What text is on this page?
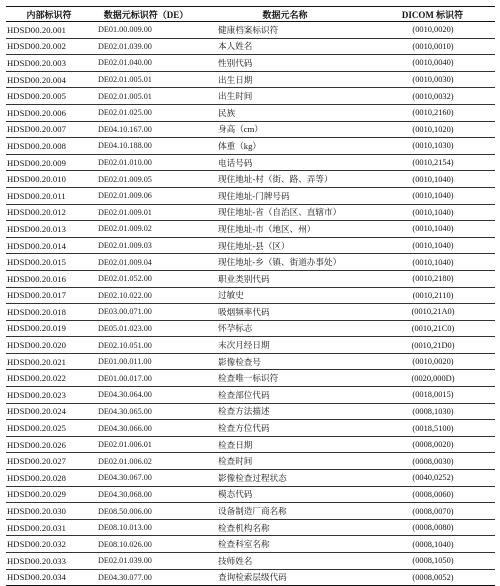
内部标识符	数据元标识符（DE）	数据元名称	DICOM 标识符
HDSD00.20.001	DE01.00.009.00	健康档案标识符	(0010,0020)
HDSD00.20.002	DE02.01.039.00	本人姓名	(0010,0010)
HDSD00.20.003	DE02.01.040.00	性别代码	(0010,0040)
HDSD00.20.004	DE02.01.005.01	出生日期	(0010,0030)
HDSD00.20.005	DE02.01.005.01	出生时间	(0010,0032)
HDSD00.20.006	DE02.01.025.00	民族	(0010,2160)
HDSD00.20.007	DE04.10.167.00	身高（cm）	(0010,1020)
HDSD00.20.008	DE04.10.188.00	体重（kg）	(0010,1030)
HDSD00.20.009	DE02.01.010.00	电话号码	(0010,2154)
HDSD00.20.010	DE02.01.009.05	现住地址-村（街、路、弄等）	(0010,1040)
HDSD00.20.011	DE02.01.009.06	现住地址-门牌号码	(0010,1040)
HDSD00.20.012	DE02.01.009.01	现住地址-省（自治区、直辖市）	(0010,1040)
HDSD00.20.013	DE02.01.009.02	现住地址-市（地区、州）	(0010,1040)
HDSD00.20.014	DE02.01.009.03	现住地址-县（区）	(0010,1040)
HDSD00.20.015	DE02.01.009.04	现住地址-乡（镇、街道办事处）	(0010,1040)
HDSD00.20.016	DE02.01.052.00	职业类别代码	(0010,2180)
HDSD00.20.017	DE02.10.022.00	过敏史	(0010,2110)
HDSD00.20.018	DE03.00.071.00	吸烟频率代码	(0010,21A0)
HDSD00.20.019	DE05.01.023.00	怀孕标志	(0010,21C0)
HDSD00.20.020	DE02.10.051.00	末次月经日期	(0010,21D0)
HDSD00.20.021	DE01.00.011.00	影像检查号	(0010,0020)
HDSD00.20.022	DE01.00.017.00	检查唯一标识符	(0020,000D)
HDSD00.20.023	DE04.30.064.00	检查部位代码	(0018,0015)
HDSD00.20.024	DE04.30.065.00	检查方法描述	(0008,1030)
HDSD00.20.025	DE04.30.066.00	检查方位代码	(0018,5100)
HDSD00.20.026	DE02.01.006.01	检查日期	(0008,0020)
HDSD00.20.027	DE02.01.006.02	检查时间	(0008,0030)
HDSD00.20.028	DE04.30.067.00	影像检查过程状态	(0040,0252)
HDSD00.20.029	DE04.30.068.00	模态代码	(0008,0060)
HDSD00.20.030	DE08.50.006.00	设备制造厂商名称	(0008,0070)
HDSD00.20.031	DE08.10.013.00	检查机构名称	(0008,0080)
HDSD00.20.032	DE08.10.026.00	检查科室名称	(0008,1040)
HDSD00.20.033	DE02.01.039.00	技师姓名	(0008,1050)
HDSD00.20.034	DE04.30.077.00	查询检索层级代码	(0008,0052)
